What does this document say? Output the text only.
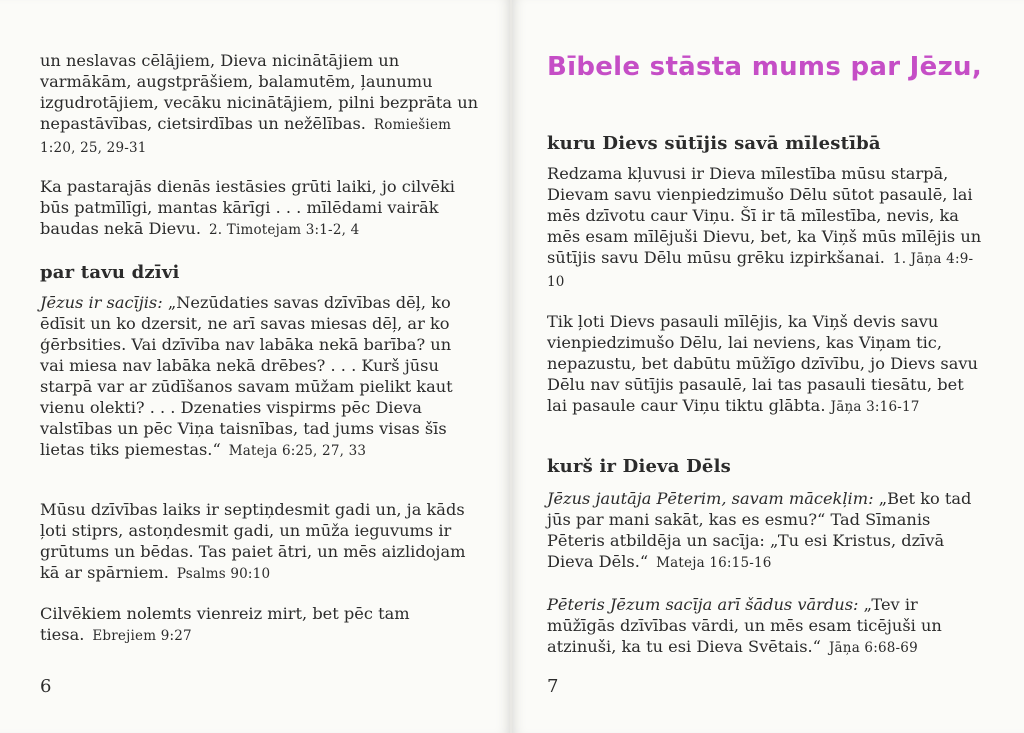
un neslavas cēlājiem, Dieva nicinātājiem un varmākām, augstprāšiem, balamutēm, ļaunumu izgudrotājiem, vecāku nicinātājiem, pilni bezprāta un nepastāvības, cietsirdības un nežēlības. Romiešiem 1:20, 25, 29-31

Ka pastarajās dienās iestāsies grūti laiki, jo cilvēki būs patmīlīgi, mantas kārīgi . . . mīlēdami vairāk baudas nekā Dievu. 2. Timotejam 3:1-2, 4

par tavu dzīvi

Jēzus ir sacījis: „Nezūdaties savas dzīvības dēļ, ko ēdīsit un ko dzersit, ne arī savas miesas dēļ, ar ko ģērbsities. Vai dzīvība nav labāka nekā barība? un vai miesa nav labāka nekā drēbes? . . . Kurš jūsu starpā var ar zūdīšanos savam mūžam pielikt kaut vienu olekti? . . . Dzenaties vispirms pēc Dieva valstības un pēc Viņa taisnības, tad jums visas šīs lietas tiks piemestas.“ Mateja 6:25, 27, 33

Mūsu dzīvības laiks ir septiņdesmit gadi un, ja kāds ļoti stiprs, astoņdesmit gadi, un mūža ieguvums ir grūtums un bēdas. Tas paiet ātri, un mēs aizlidojam kā ar spārniem. Psalms 90:10

Cilvēkiem nolemts vienreiz mirt, bet pēc tam tiesa. Ebrejiem 9:27

6
Bībele stāsta mums par Jēzu,
kuru Dievs sūtījis savā mīlestībā

Redzama kļuvusi ir Dieva mīlestība mūsu starpā, Dievam savu vienpiedzimušo Dēlu sūtot pasaulē, lai mēs dzīvotu caur Viņu. Šī ir tā mīlestība, nevis, ka mēs esam mīlējuši Dievu, bet, ka Viņš mūs mīlējis un sūtījis savu Dēlu mūsu grēku izpirkšanai. 1. Jāņa 4:9-10

Tik ļoti Dievs pasauli mīlējis, ka Viņš devis savu vienpiedzimušo Dēlu, lai neviens, kas Viņam tic, nepazustu, bet dabūtu mūžīgo dzīvību, jo Dievs savu Dēlu nav sūtījis pasaulē, lai tas pasauli tiesātu, bet lai pasaule caur Viņu tiktu glābta. Jāņa 3:16-17

kurš ir Dieva Dēls

Jēzus jautāja Pēterim, savam mācekļim: „Bet ko tad jūs par mani sakāt, kas es esmu?“ Tad Sīmanis Pēteris atbildēja un sacīja: „Tu esi Kristus, dzīvā Dieva Dēls.“ Mateja 16:15-16

Pēteris Jēzum sacīja arī šādus vārdus: „Tev ir mūžīgās dzīvības vārdi, un mēs esam ticējuši un atzinuši, ka tu esi Dieva Svētais.“ Jāņa 6:68-69

7
